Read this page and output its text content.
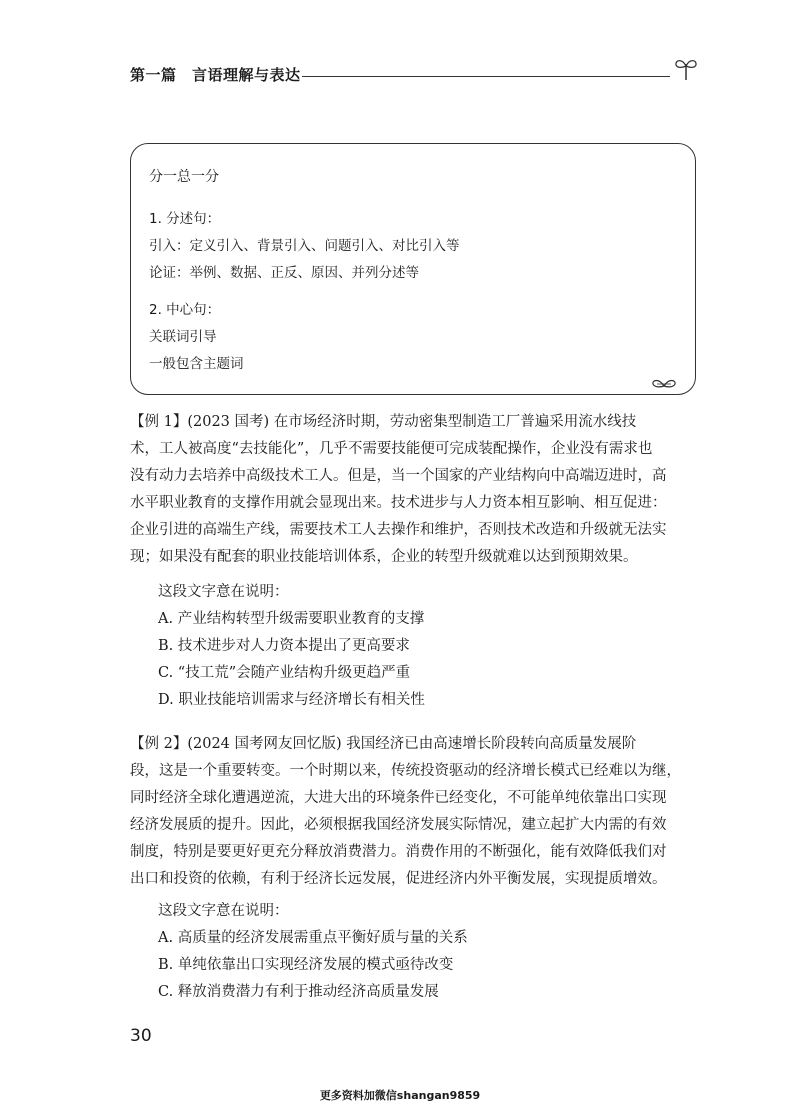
第一篇　言语理解与表达
分一总一分
1. 分述句：
引入：定义引入、背景引入、问题引入、对比引入等
论证：举例、数据、正反、原因、并列分述等
2. 中心句：
关联词引导
一般包含主题词
【例 1】(2023 国考) 在市场经济时期，劳动密集型制造工厂普遍采用流水线技
术，工人被高度“去技能化”，几乎不需要技能便可完成装配操作，企业没有需求也
没有动力去培养中高级技术工人。但是，当一个国家的产业结构向中高端迈进时，高
水平职业教育的支撑作用就会显现出来。技术进步与人力资本相互影响、相互促进：
企业引进的高端生产线，需要技术工人去操作和维护，否则技术改造和升级就无法实
现；如果没有配套的职业技能培训体系，企业的转型升级就难以达到预期效果。
这段文字意在说明：
A. 产业结构转型升级需要职业教育的支撑
B. 技术进步对人力资本提出了更高要求
C. “技工荒”会随产业结构升级更趋严重
D. 职业技能培训需求与经济增长有相关性
【例 2】(2024 国考网友回忆版) 我国经济已由高速增长阶段转向高质量发展阶
段，这是一个重要转变。一个时期以来，传统投资驱动的经济增长模式已经难以为继，
同时经济全球化遭遇逆流，大进大出的环境条件已经变化，不可能单纯依靠出口实现
经济发展质的提升。因此，必须根据我国经济发展实际情况，建立起扩大内需的有效
制度，特别是要更好更充分释放消费潜力。消费作用的不断强化，能有效降低我们对
出口和投资的依赖，有利于经济长远发展，促进经济内外平衡发展，实现提质增效。
这段文字意在说明：
A. 高质量的经济发展需重点平衡好质与量的关系
B. 单纯依靠出口实现经济发展的模式亟待改变
C. 释放消费潜力有利于推动经济高质量发展
30
更多资料加微信shangan9859
